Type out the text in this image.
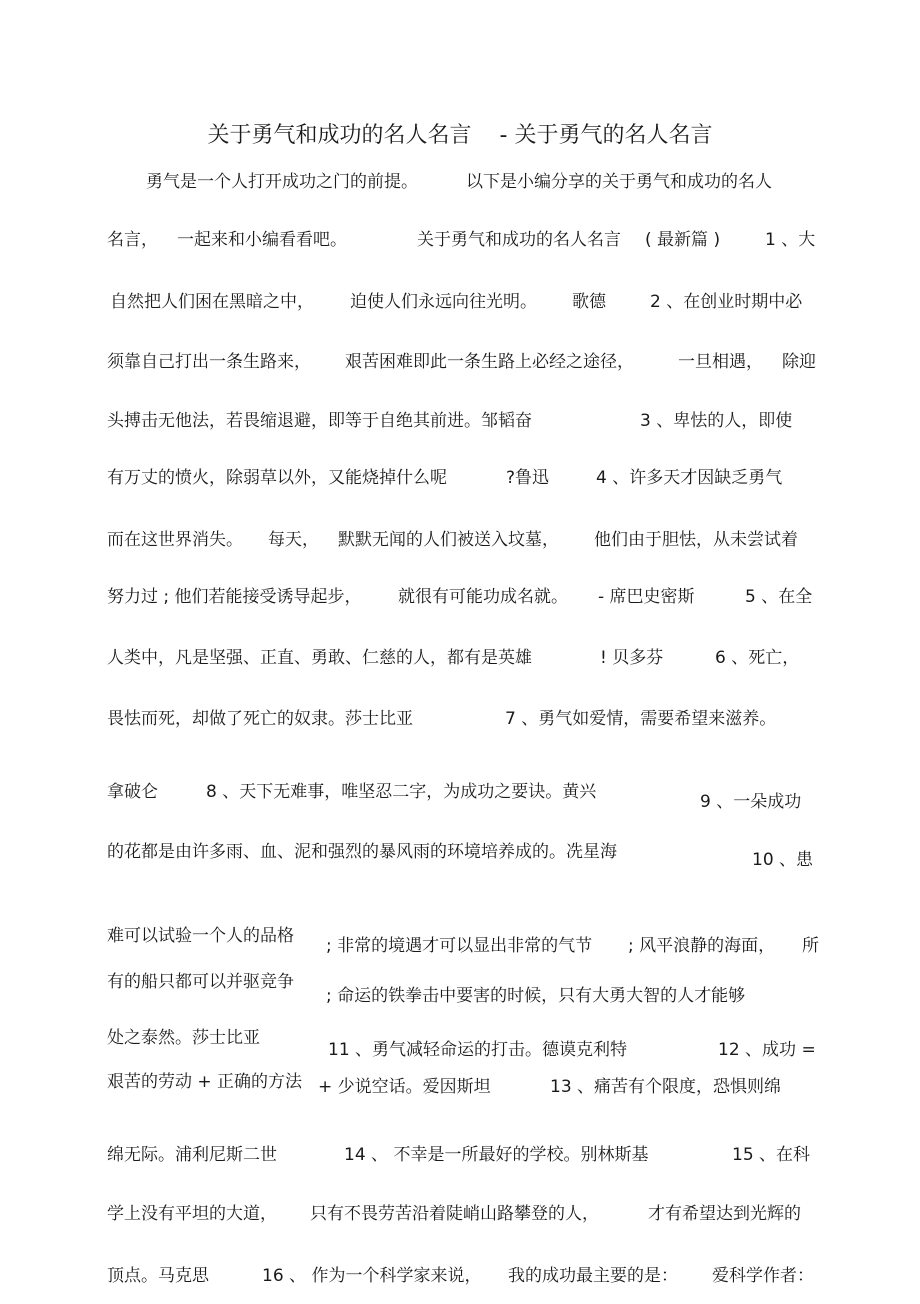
关于勇气和成功的名人名言    - 关于勇气的名人名言
勇气是一个人打开成功之门的前提。	以下是小编分享的关于勇气和成功的名人
名言， 一起来和小编看看吧。	关于勇气和成功的名人名言 ( 最新篇 )	1 、大
自然把人们困在黑暗之中， 迫使人们永远向往光明。 歌德	2 、在创业时期中必
须靠自己打出一条生路来， 艰苦困难即此一条生路上必经之途径，	一旦相遇， 除迎
头搏击无他法，若畏缩退避，即等于自绝其前进。邹韬奋	3 、卑怯的人，即使
有万丈的愤火，除弱草以外，又能烧掉什么呢	?鲁迅	4 、许多天才因缺乏勇气
而在这世界消失。 每天， 默默无闻的人们被送入坟墓， 他们由于胆怯，从未尝试着
努力过 ; 他们若能接受诱导起步， 就很有可能功成名就。 - 席巴史密斯	5 、在全
人类中，凡是坚强、正直、勇敢、仁慈的人，都有是英雄	! 贝多芬	6 、死亡，
畏怯而死，却做了死亡的奴隶。莎士比亚	7 、勇气如爱情，需要希望来滋养。
拿破仑	8 、天下无难事，唯坚忍二字，为成功之要诀。黄兴	9 、一朵成功
的花都是由许多雨、血、泥和强烈的暴风雨的环境培养成的。冼星海	10 、患
难可以试验一个人的品格 ; 非常的境遇才可以显出非常的气节 ; 风平浪静的海面， 所
有的船只都可以并驱竞争
; 命运的铁拳击中要害的时候，只有大勇大智的人才能够
处之泰然。莎士比亚
11 、勇气减轻命运的打击。德谟克利特	12 、成功 =
艰苦的劳动 + 正确的方法 + 少说空话。爱因斯坦	13 、痛苦有个限度，恐惧则绵
绵无际。浦利尼斯二世	14 、 不幸是一所最好的学校。别林斯基	15 、在科
学上没有平坦的大道， 只有不畏劳苦沿着陡峭山路攀登的人，	才有希望达到光辉的
顶点。马克思	16 、 作为一个科学家来说， 我的成功最主要的是： 爱科学作者：
